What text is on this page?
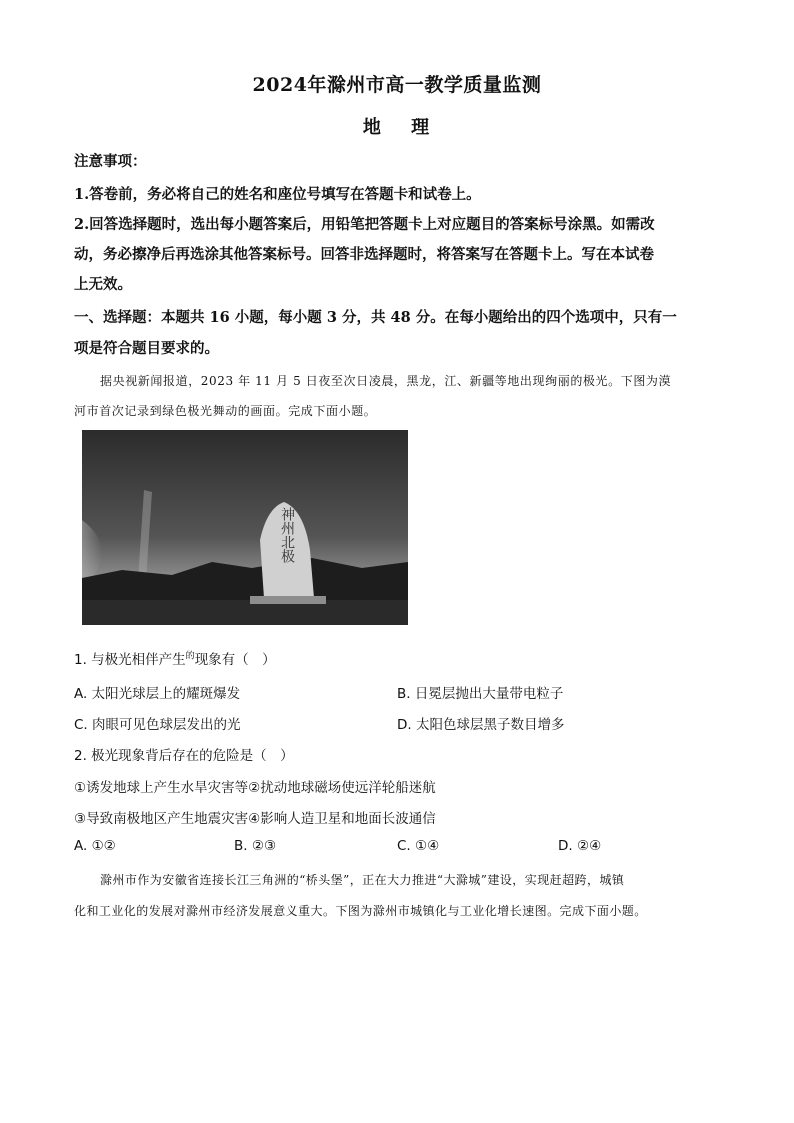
2024年滁州市高一教学质量监测
地 理
注意事项：
1.答卷前，务必将自己的姓名和座位号填写在答题卡和试卷上。
2.回答选择题时，选出每小题答案后，用铅笔把答题卡上对应题目的答案标号涂黑。如需改
动，务必擦净后再选涂其他答案标号。回答非选择题时，将答案写在答题卡上。写在本试卷
上无效。
一、选择题：本题共 16 小题，每小题 3 分，共 48 分。在每小题给出的四个选项中，只有一
项是符合题目要求的。
据央视新闻报道，2023 年 11 月 5 日夜至次日凌晨，黑龙，江、新疆等地出现绚丽的极光。下图为漠
河市首次记录到绿色极光舞动的画面。完成下面小题。
神州北极
1. 与极光相伴产生$^的$现象有（　）
A. 太阳光球层上的耀斑爆发	B. 日冕层抛出大量带电粒子
C. 肉眼可见色球层发出的光	D. 太阳色球层黑子数目增多
2. 极光现象背后存在的危险是（　）
①诱发地球上产生水旱灾害等②扰动地球磁场使远洋轮船迷航
③导致南极地区产生地震灾害④影响人造卫星和地面长波通信
A. ①②	B. ②③	C. ①④	D. ②④
滁州市作为安徽省连接长江三角洲的“桥头堡”，正在大力推进“大滁城”建设，实现赶超跨，城镇
化和工业化的发展对滁州市经济发展意义重大。下图为滁州市城镇化与工业化增长速图。完成下面小题。
